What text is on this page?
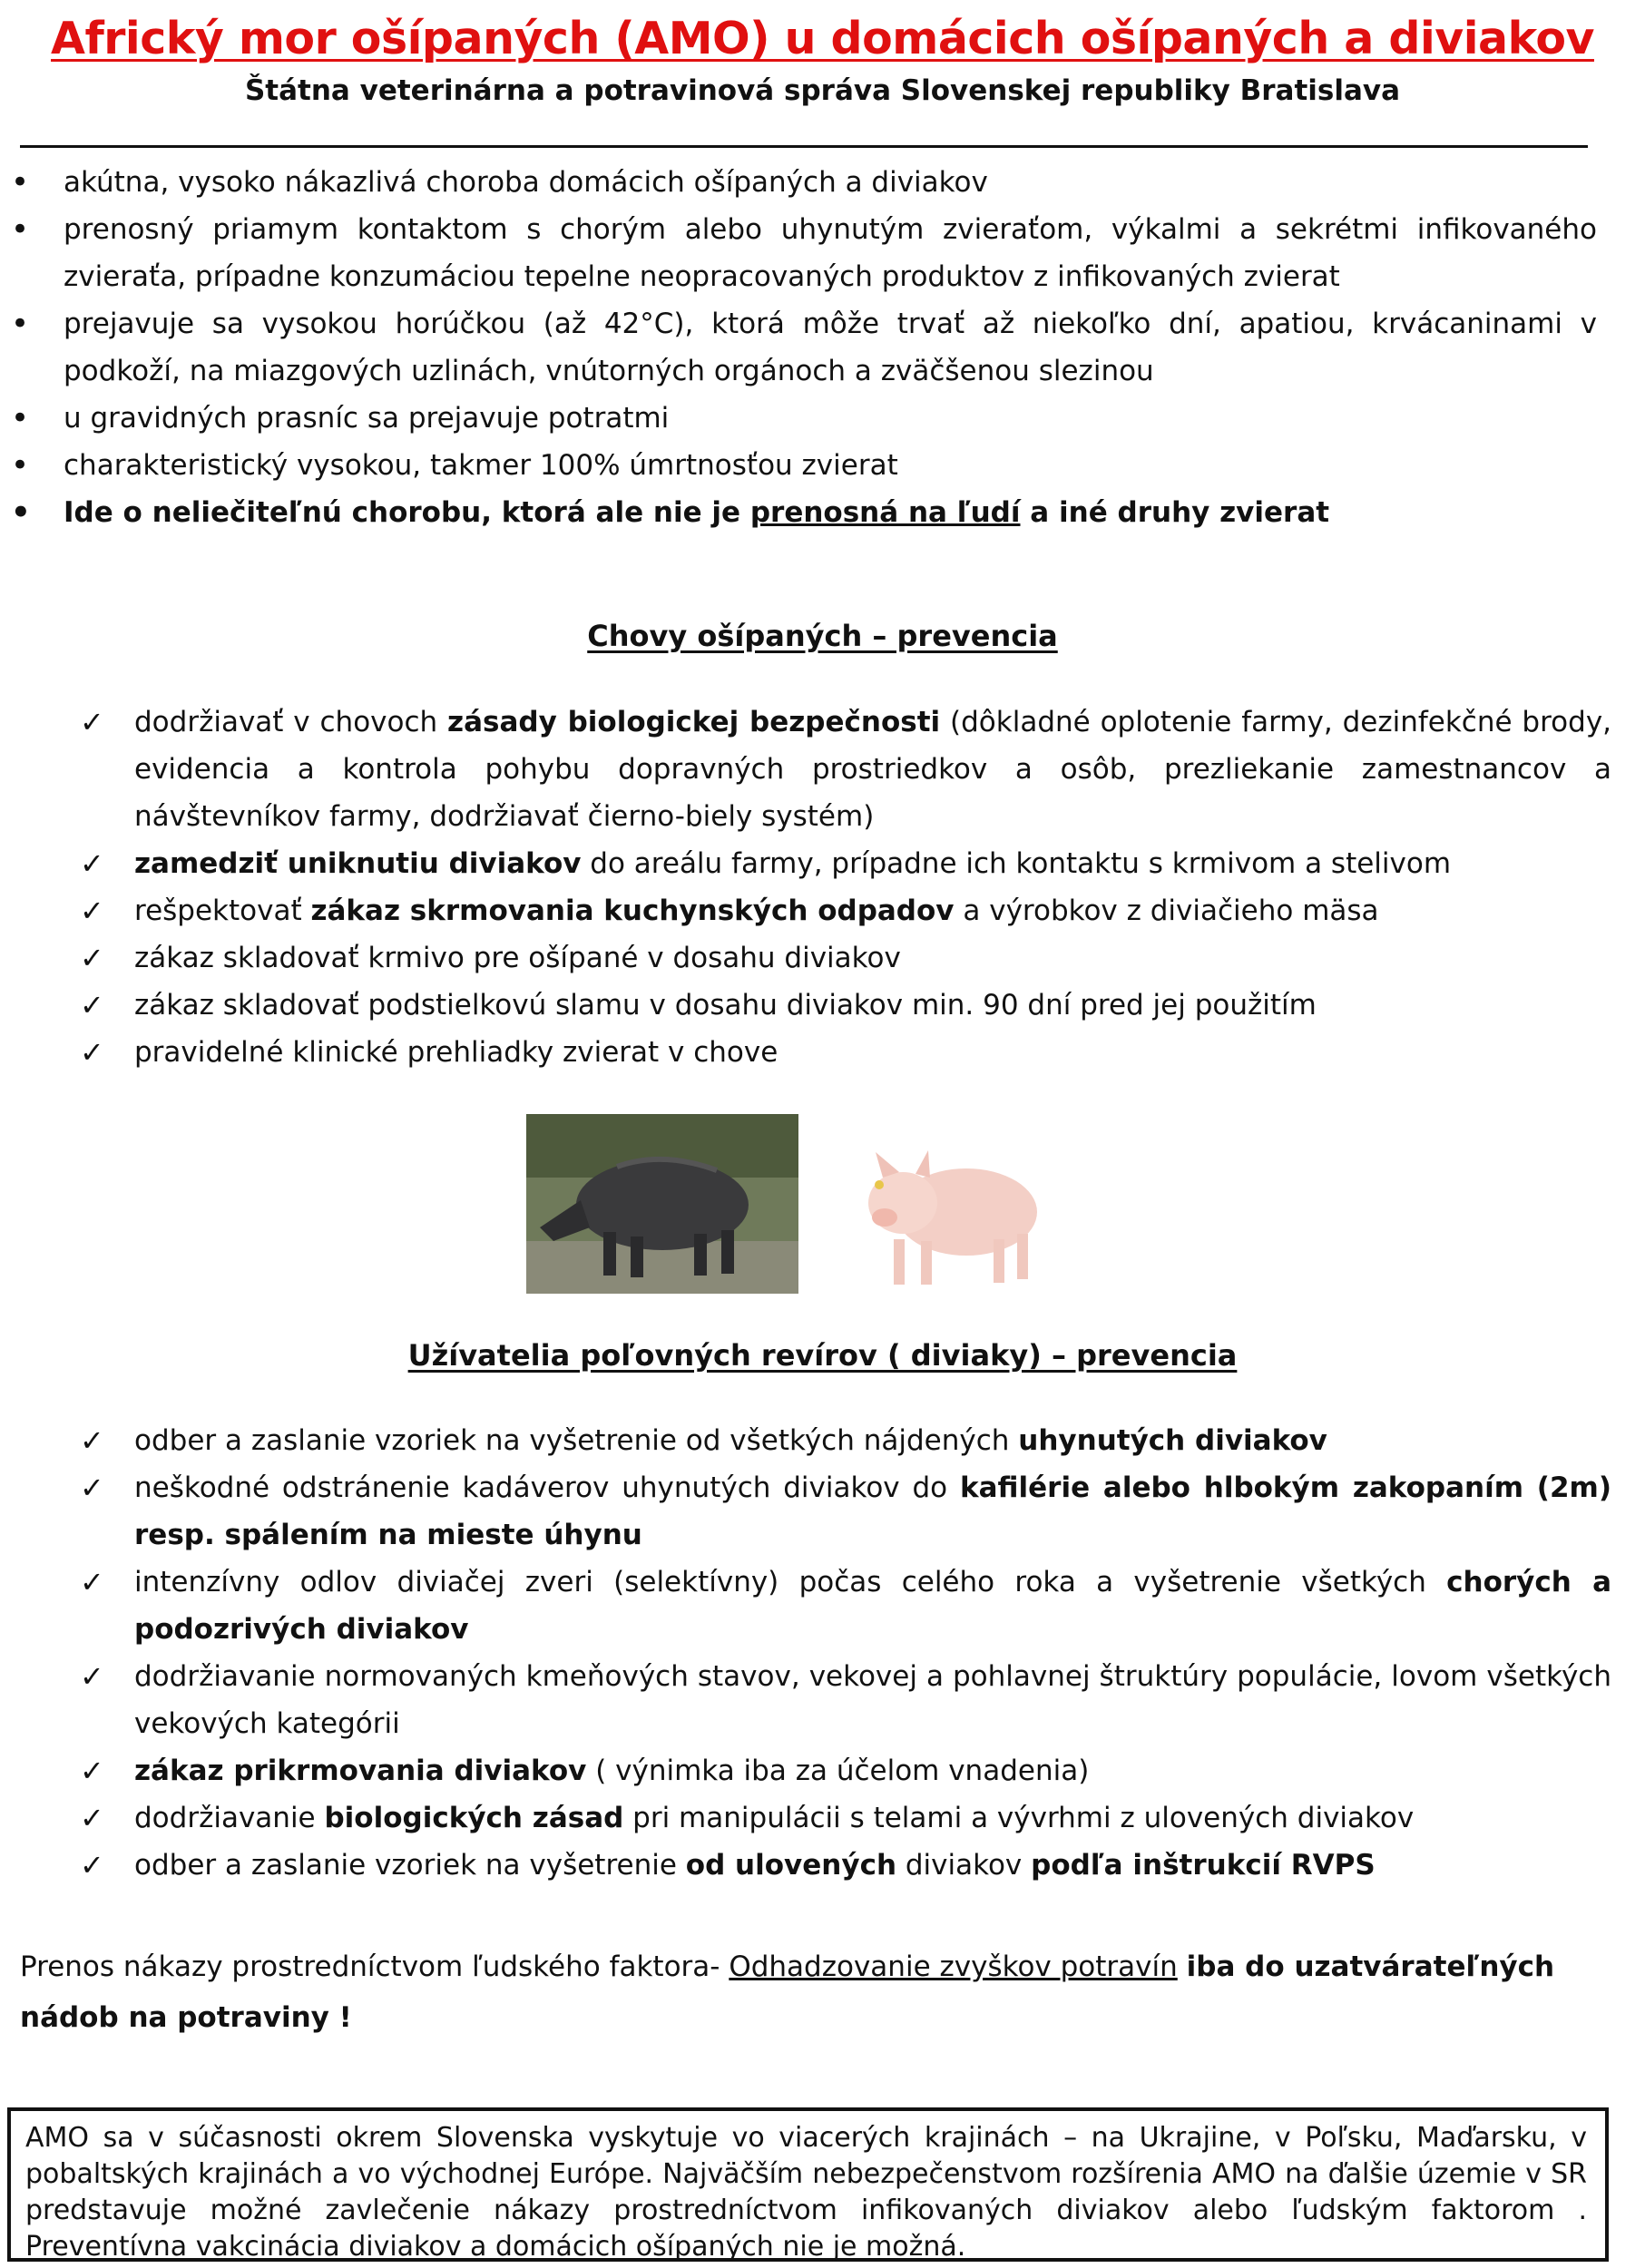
Africký mor ošípaných (AMO) u domácich ošípaných a diviakov
Štátna veterinárna a potravinová správa Slovenskej republiky Bratislava
• akútna, vysoko nákazlivá choroba domácich ošípaných a diviakov
• prenosný priamym kontaktom s chorým alebo uhynutým zvieraťom, výkalmi a sekrétmi infikovaného zvieraťa, prípadne konzumáciou tepelne neopracovaných produktov z infikovaných zvierat
• prejavuje sa vysokou horúčkou (až 42°C), ktorá môže trvať až niekoľko dní, apatiou, krvácaninami v podkoží, na miazgových uzlinách, vnútorných orgánoch a zväčšenou slezinou
• u gravidných prasníc sa prejavuje potratmi
• charakteristický vysokou, takmer 100% úmrtnosťou zvierat
• Ide o neliečiteľnú chorobu, ktorá ale nie je prenosná na ľudí a iné druhy zvierat
Chovy ošípaných – prevencia
✓ dodržiavať v chovoch zásady biologickej bezpečnosti (dôkladné oplotenie farmy, dezinfekčné brody, evidencia a kontrola pohybu dopravných prostriedkov a osôb, prezliekanie zamestnancov a návštevníkov farmy, dodržiavať čierno-biely systém)
✓ zamedziť uniknutiu diviakov do areálu farmy, prípadne ich kontaktu s krmivom a stelivom
✓ rešpektovať zákaz skrmovania kuchynských odpadov a výrobkov z diviačieho mäsa
✓ zákaz skladovať krmivo pre ošípané v dosahu diviakov
✓ zákaz skladovať podstielkovú slamu v dosahu diviakov min. 90 dní pred jej použitím
✓ pravidelné klinické prehliadky zvierat v chove
Užívatelia poľovných revírov ( diviaky) – prevencia
✓ odber a zaslanie vzoriek na vyšetrenie od všetkých nájdených uhynutých diviakov
✓ neškodné odstránenie kadáverov uhynutých diviakov do kafilérie alebo hlbokým zakopaním (2m) resp. spálením na mieste úhynu
✓ intenzívny odlov diviačej zveri (selektívny) počas celého roka a vyšetrenie všetkých chorých a podozrivých diviakov
✓ dodržiavanie normovaných kmeňových stavov, vekovej a pohlavnej štruktúry populácie, lovom všetkých vekových kategórii
✓ zákaz prikrmovania diviakov ( výnimka iba za účelom vnadenia)
✓ dodržiavanie biologických zásad pri manipulácii s telami a vývrhmi z ulovených diviakov
✓ odber a zaslanie vzoriek na vyšetrenie od ulovených diviakov podľa inštrukcií RVPS
Prenos nákazy prostredníctvom ľudského faktora- Odhadzovanie zvyškov potravín iba do uzatvárateľných nádob na potraviny !
AMO sa v súčasnosti okrem Slovenska vyskytuje vo viacerých krajinách – na Ukrajine, v Poľsku, Maďarsku, v pobaltských krajinách a vo východnej Európe. Najväčším nebezpečenstvom rozšírenia AMO na ďalšie územie v SR predstavuje možné zavlečenie nákazy prostredníctvom infikovaných diviakov alebo ľudským faktorom . Preventívna vakcinácia diviakov a domácich ošípaných nie je možná.
